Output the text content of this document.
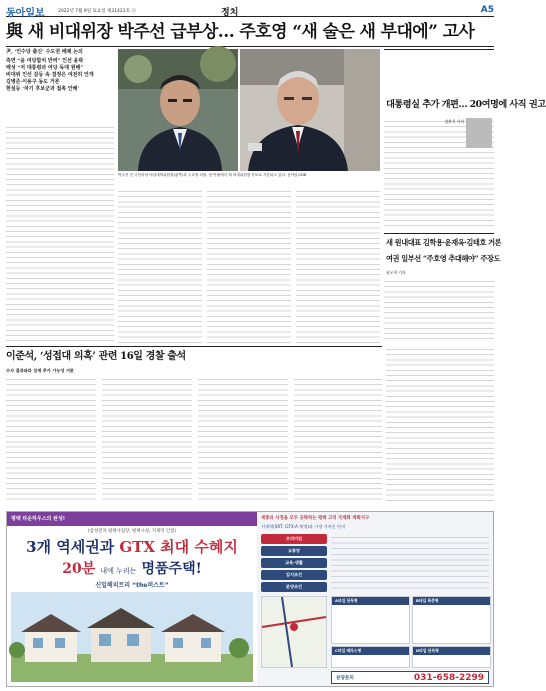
동아일보	2022년 7월 9일 토요일 제31421호 ⓐ	정치	A5
與 새 비대위장 박주선 급부상… 주호영 “새 술은 새 부대에” 고사
尹, ‘인수당 출신’ 수도권 배제 논의
측면 “윤 여당합치 반려” 인선 윤곽
백성 “저 대통령과 여당 독대 원해”
비대위 인선 갈등 속 결정은 여전히 안개
김병준·이용구 동도 거론
현실등 ‘차기 후보군과 접촉 안해’
박주선 전 국민의당 비상대책위원장(왼쪽)과 주호영 의원. 당 안팎에서 새 비대위원장 후보로 거론되고 있다. 동아일보DB
대통령실 추가 개편… 20여명에 사직 권고
장관석 기자
새 원내대표 김학용·윤재옥·김태호 거론
여권 일부선 “주호영 추대해야” 주장도
권오혁 기자
이준석, ‘성접대 의혹’ 관련 16일 경찰 출석
수사 결과따라 징계 추가 가능성 거론
평택 타운하우스의 완성!
(삼성전자 평택사업장, 평택시청, 지제역 인접)
3개 역세권과 GTX 최대 수혜지
20분 내에 누리는 명품주택!
신일해피트리 “the퍼스트”
세종과 사정을 모두 공략하는 평택 고덕 국제화 계획지구
지제역(SRT, GTX-A 예정)과 가장 가까운 단지
프리미엄
교통망
교육·생활
입지조건
분양조건
A타입 단독형	B타입 복층형
C타입 테라스형	D타입 단독형
분양문의	031-658-2299
